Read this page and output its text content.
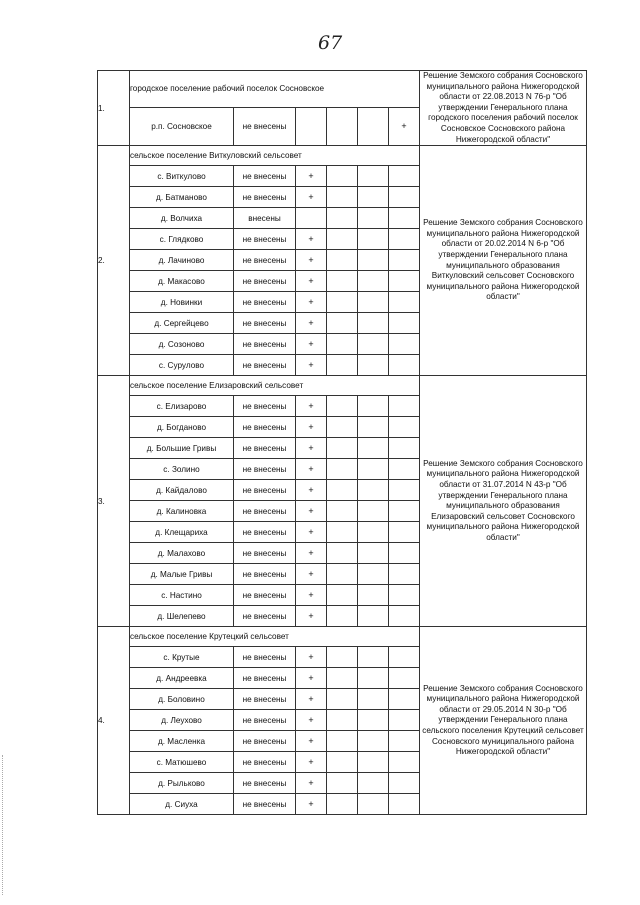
67
1.	городское поселение рабочий поселок Сосновское						Решение Земского собрания Сосновского муниципального района Нижегородской области от 22.08.2013 N 76-р "Об утверждении Генерального плана городского поселения рабочий поселок Сосновское Сосновского района Нижегородской области"
	р.п. Сосновское	не внесены				+	
2.	сельское поселение Виткуловский сельсовет						Решение Земского собрания Сосновского муниципального района Нижегородской области от 20.02.2014 N 6-р "Об утверждении Генерального плана муниципального образования Виткуловский сельсовет Сосновского муниципального района Нижегородской области"
	с. Виткулово	не внесены	+				
	д. Батманово	не внесены	+				
	д. Волчиха	внесены					
	с. Глядково	не внесены	+				
	д. Лачиново	не внесены	+				
	д. Макасово	не внесены	+				
	д. Новинки	не внесены	+				
	д. Сергейцево	не внесены	+				
	д. Созоново	не внесены	+				
	с. Сурулово	не внесены	+				
3.	сельское поселение Елизаровский сельсовет						Решение Земского собрания Сосновского муниципального района Нижегородской области от 31.07.2014 N 43-р "Об утверждении Генерального плана муниципального образования Елизаровский сельсовет Сосновского муниципального района Нижегородской области"
	с. Елизарово	не внесены	+				
	д. Богданово	не внесены	+				
	д. Большие Гривы	не внесены	+				
	с. Золино	не внесены	+				
	д. Кайдалово	не внесены	+				
	д. Калиновка	не внесены	+				
	д. Клещариха	не внесены	+				
	д. Малахово	не внесены	+				
	д. Малые Гривы	не внесены	+				
	с. Настино	не внесены	+				
	д. Шелепево	не внесены	+				
4.	сельское поселение Крутецкий сельсовет						Решение Земского собрания Сосновского муниципального района Нижегородской области от 29.05.2014 N 30-р "Об утверждении Генерального плана сельского поселения Крутецкий сельсовет Сосновского муниципального района Нижегородской области"
	с. Крутые	не внесены	+				
	д. Андреевка	не внесены	+				
	д. Боловино	не внесены	+				
	д. Леухово	не внесены	+				
	д. Масленка	не внесены	+				
	с. Матюшево	не внесены	+				
	д. Рыльково	не внесены	+				
	д. Сиуха	не внесены	+				
